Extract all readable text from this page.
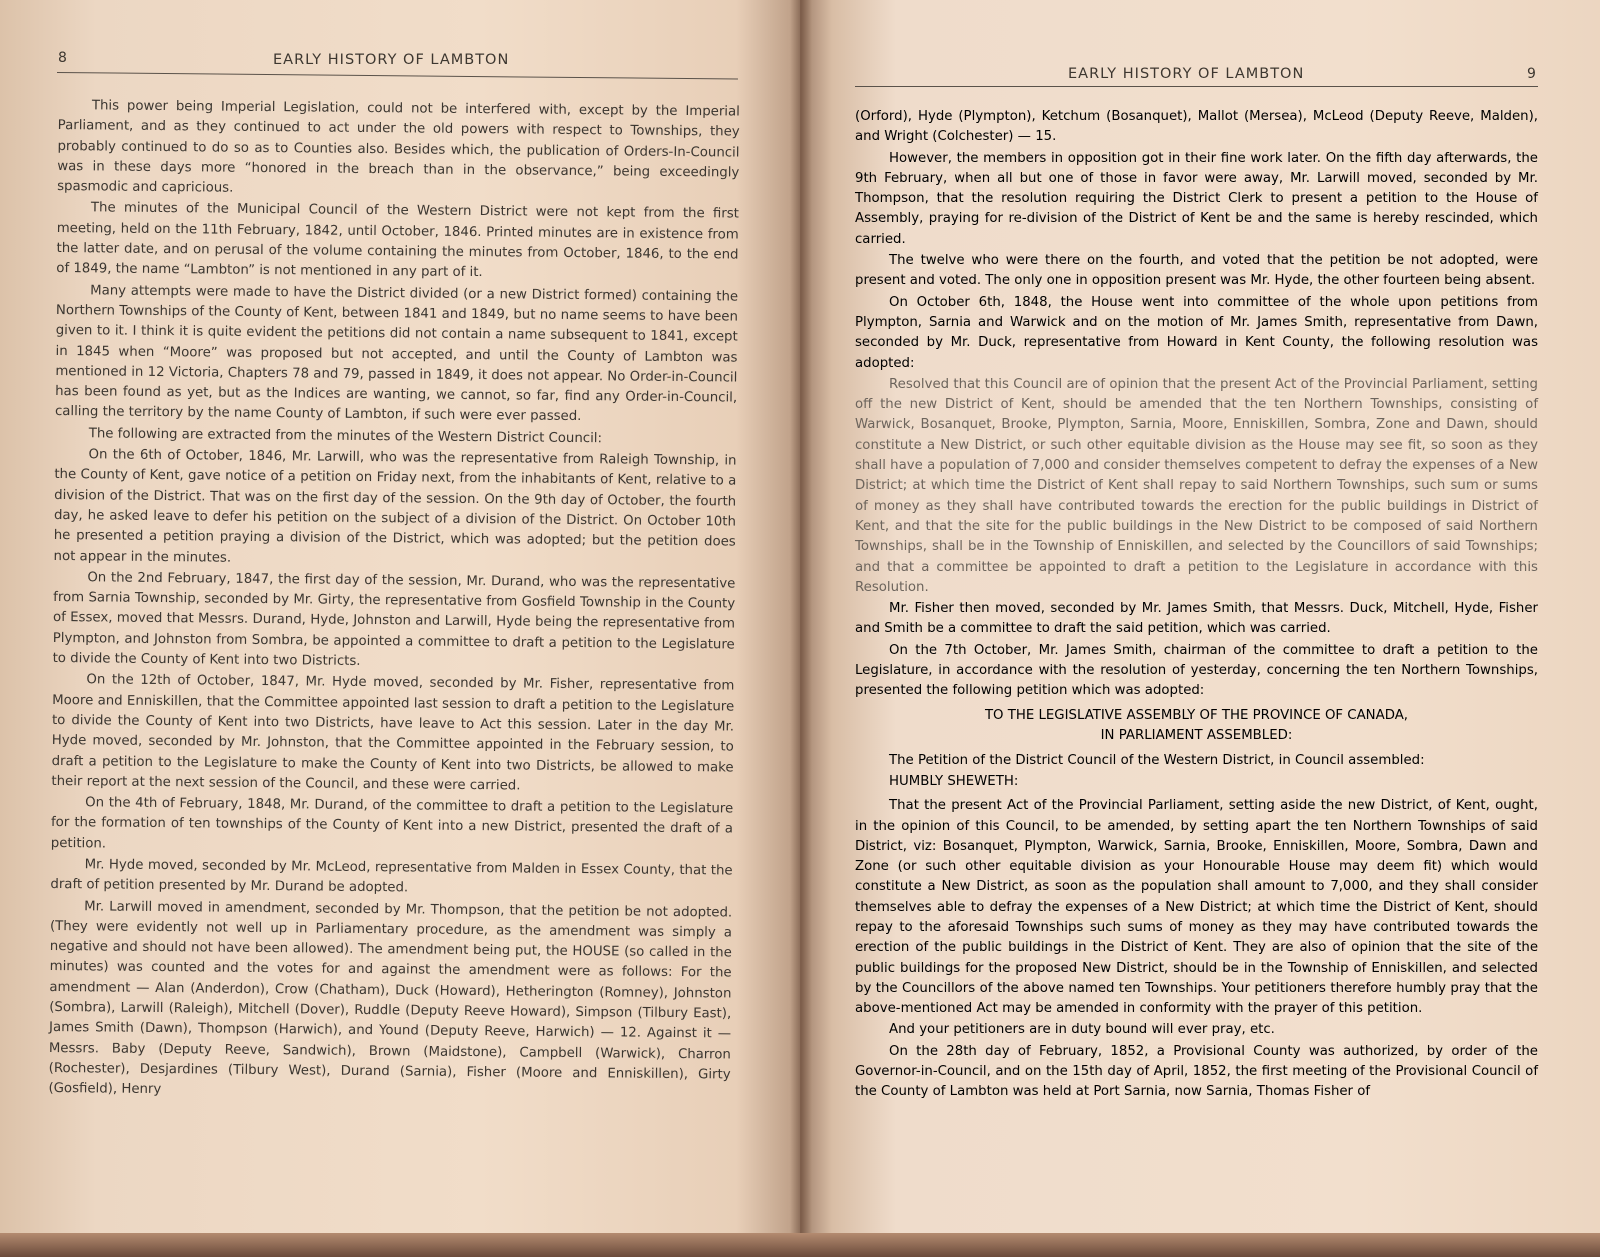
8	EARLY HISTORY OF LAMBTON

This power being Imperial Legislation, could not be interfered with, except by the Imperial Parliament, and as they continued to act under the old powers with respect to Townships, they probably continued to do so as to Counties also. Besides which, the publication of Orders-In-Council was in these days more “honored in the breach than in the observance,” being exceedingly spasmodic and capricious.

The minutes of the Municipal Council of the Western District were not kept from the first meeting, held on the 11th February, 1842, until October, 1846. Printed minutes are in existence from the latter date, and on perusal of the volume containing the minutes from October, 1846, to the end of 1849, the name “Lambton” is not mentioned in any part of it.

Many attempts were made to have the District divided (or a new District formed) containing the Northern Townships of the County of Kent, between 1841 and 1849, but no name seems to have been given to it. I think it is quite evident the petitions did not contain a name subsequent to 1841, except in 1845 when “Moore” was proposed but not accepted, and until the County of Lambton was mentioned in 12 Victoria, Chapters 78 and 79, passed in 1849, it does not appear. No Order-in-Council has been found as yet, but as the Indices are wanting, we cannot, so far, find any Order-in-Council, calling the territory by the name County of Lambton, if such were ever passed.

The following are extracted from the minutes of the Western District Council:

On the 6th of October, 1846, Mr. Larwill, who was the representative from Raleigh Township, in the County of Kent, gave notice of a petition on Friday next, from the inhabitants of Kent, relative to a division of the District. That was on the first day of the session. On the 9th day of October, the fourth day, he asked leave to defer his petition on the subject of a division of the District. On October 10th he presented a petition praying a division of the District, which was adopted; but the petition does not appear in the minutes.

On the 2nd February, 1847, the first day of the session, Mr. Durand, who was the representative from Sarnia Township, seconded by Mr. Girty, the representative from Gosfield Township in the County of Essex, moved that Messrs. Durand, Hyde, Johnston and Larwill, Hyde being the representative from Plympton, and Johnston from Sombra, be appointed a committee to draft a petition to the Legislature to divide the County of Kent into two Districts.

On the 12th of October, 1847, Mr. Hyde moved, seconded by Mr. Fisher, representative from Moore and Enniskillen, that the Committee appointed last session to draft a petition to the Legislature to divide the County of Kent into two Districts, have leave to Act this session. Later in the day Mr. Hyde moved, seconded by Mr. Johnston, that the Committee appointed in the February session, to draft a petition to the Legislature to make the County of Kent into two Districts, be allowed to make their report at the next session of the Council, and these were carried.

On the 4th of February, 1848, Mr. Durand, of the committee to draft a petition to the Legislature for the formation of ten townships of the County of Kent into a new District, presented the draft of a petition.

Mr. Hyde moved, seconded by Mr. McLeod, representative from Malden in Essex County, that the draft of petition presented by Mr. Durand be adopted.

Mr. Larwill moved in amendment, seconded by Mr. Thompson, that the petition be not adopted. (They were evidently not well up in Parliamentary procedure, as the amendment was simply a negative and should not have been allowed). The amendment being put, the HOUSE (so called in the minutes) was counted and the votes for and against the amendment were as follows: For the amendment — Alan (Anderdon), Crow (Chatham), Duck (Howard), Hetherington (Romney), Johnston (Sombra), Larwill (Raleigh), Mitchell (Dover), Ruddle (Deputy Reeve Howard), Simpson (Tilbury East), James Smith (Dawn), Thompson (Harwich), and Yound (Deputy Reeve, Harwich) — 12. Against it — Messrs. Baby (Deputy Reeve, Sandwich), Brown (Maidstone), Campbell (Warwick), Charron (Rochester), Desjardines (Tilbury West), Durand (Sarnia), Fisher (Moore and Enniskillen), Girty (Gosfield), Henry

EARLY HISTORY OF LAMBTON	9

(Orford), Hyde (Plympton), Ketchum (Bosanquet), Mallot (Mersea), McLeod (Deputy Reeve, Malden), and Wright (Colchester) — 15.

However, the members in opposition got in their fine work later. On the fifth day afterwards, the 9th February, when all but one of those in favor were away, Mr. Larwill moved, seconded by Mr. Thompson, that the resolution requiring the District Clerk to present a petition to the House of Assembly, praying for re-division of the District of Kent be and the same is hereby rescinded, which carried.

The twelve who were there on the fourth, and voted that the petition be not adopted, were present and voted. The only one in opposition present was Mr. Hyde, the other fourteen being absent.

On October 6th, 1848, the House went into committee of the whole upon petitions from Plympton, Sarnia and Warwick and on the motion of Mr. James Smith, representative from Dawn, seconded by Mr. Duck, representative from Howard in Kent County, the following resolution was adopted:

Resolved that this Council are of opinion that the present Act of the Provincial Parliament, setting off the new District of Kent, should be amended that the ten Northern Townships, consisting of Warwick, Bosanquet, Brooke, Plympton, Sarnia, Moore, Enniskillen, Sombra, Zone and Dawn, should constitute a New District, or such other equitable division as the House may see fit, so soon as they shall have a population of 7,000 and consider themselves competent to defray the expenses of a New District; at which time the District of Kent shall repay to said Northern Townships, such sum or sums of money as they shall have contributed towards the erection for the public buildings in District of Kent, and that the site for the public buildings in the New District to be composed of said Northern Townships, shall be in the Township of Enniskillen, and selected by the Councillors of said Townships; and that a committee be appointed to draft a petition to the Legislature in accordance with this Resolution.

Mr. Fisher then moved, seconded by Mr. James Smith, that Messrs. Duck, Mitchell, Hyde, Fisher and Smith be a committee to draft the said petition, which was carried.

On the 7th October, Mr. James Smith, chairman of the committee to draft a petition to the Legislature, in accordance with the resolution of yesterday, concerning the ten Northern Townships, presented the following petition which was adopted:

TO THE LEGISLATIVE ASSEMBLY OF THE PROVINCE OF CANADA,
IN PARLIAMENT ASSEMBLED:

The Petition of the District Council of the Western District, in Council assembled:

HUMBLY SHEWETH:

That the present Act of the Provincial Parliament, setting aside the new District, of Kent, ought, in the opinion of this Council, to be amended, by setting apart the ten Northern Townships of said District, viz: Bosanquet, Plympton, Warwick, Sarnia, Brooke, Enniskillen, Moore, Sombra, Dawn and Zone (or such other equitable division as your Honourable House may deem fit) which would constitute a New District, as soon as the population shall amount to 7,000, and they shall consider themselves able to defray the expenses of a New District; at which time the District of Kent, should repay to the aforesaid Townships such sums of money as they may have contributed towards the erection of the public buildings in the District of Kent. They are also of opinion that the site of the public buildings for the proposed New District, should be in the Township of Enniskillen, and selected by the Councillors of the above named ten Townships. Your petitioners therefore humbly pray that the above-mentioned Act may be amended in conformity with the prayer of this petition.

And your petitioners are in duty bound will ever pray, etc.

On the 28th day of February, 1852, a Provisional County was authorized, by order of the Governor-in-Council, and on the 15th day of April, 1852, the first meeting of the Provisional Council of the County of Lambton was held at Port Sarnia, now Sarnia, Thomas Fisher of
